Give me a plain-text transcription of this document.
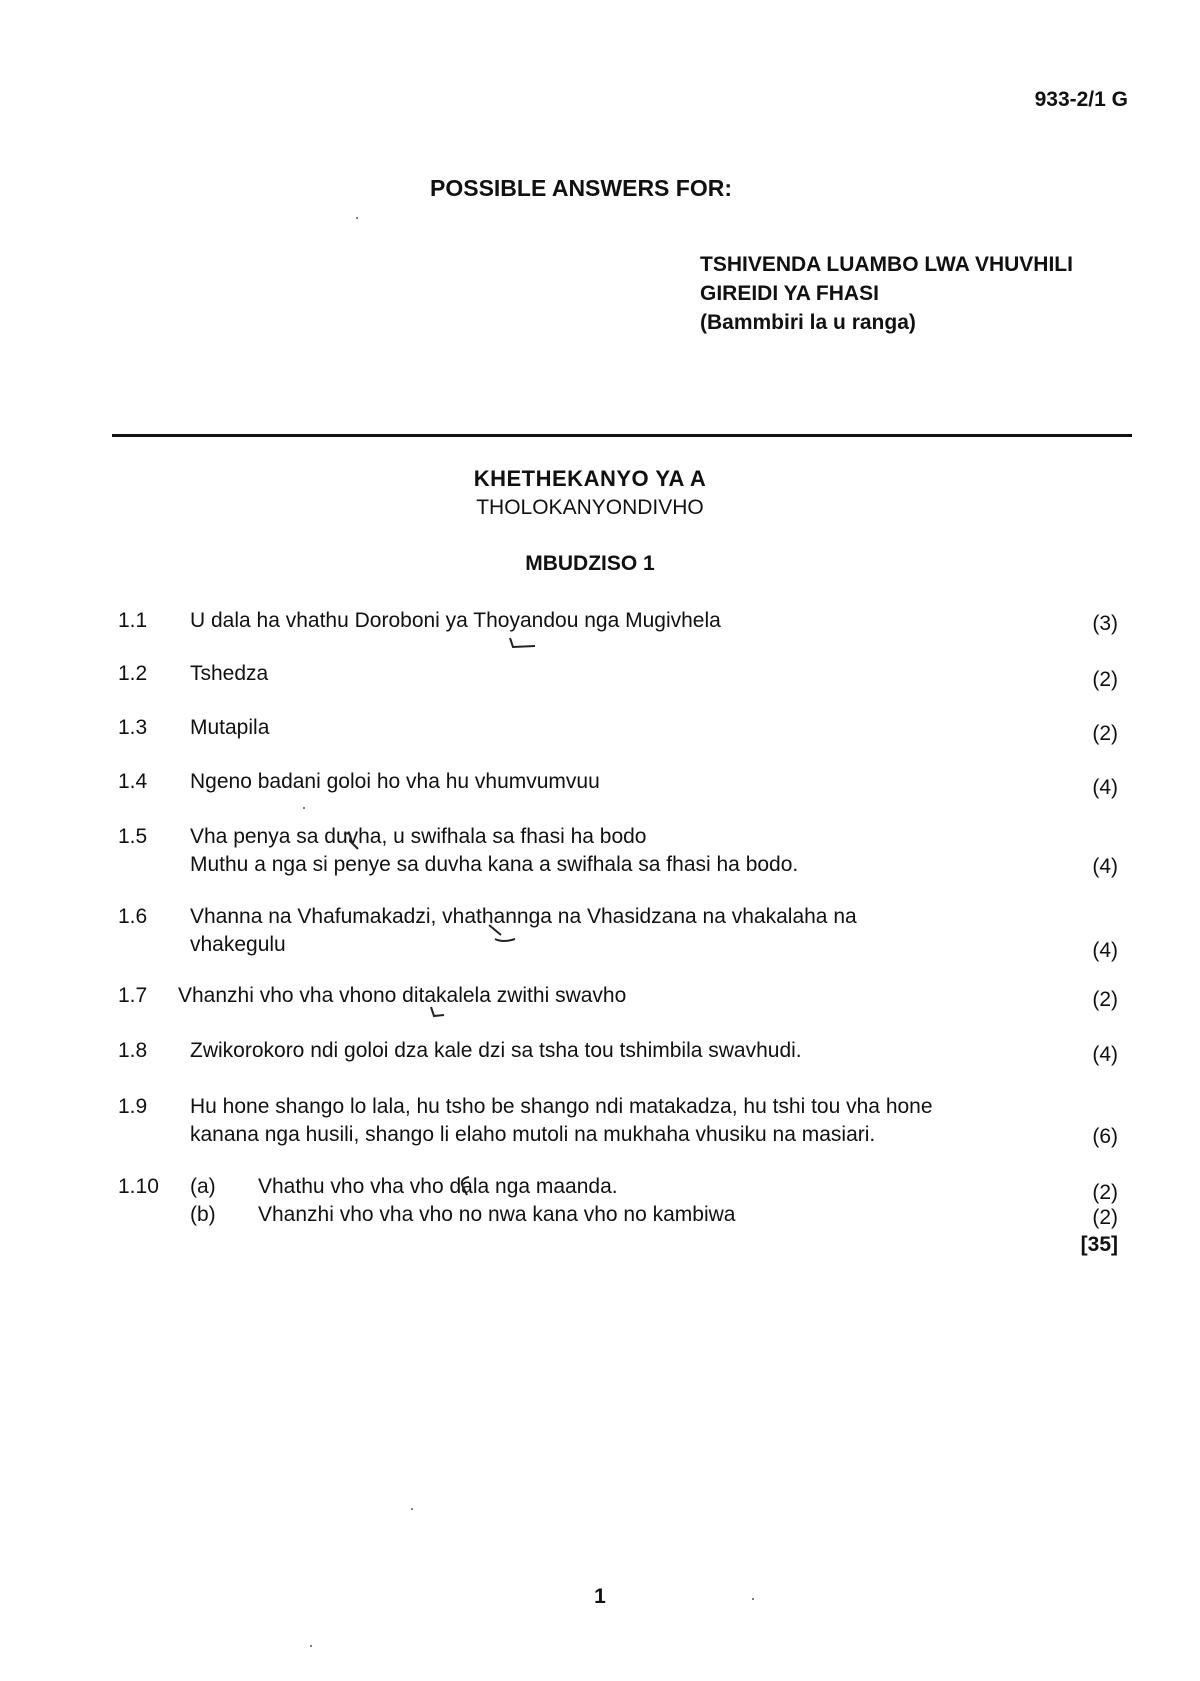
933-2/1 G
POSSIBLE ANSWERS FOR:
TSHIVENDA LUAMBO LWA VHUVHILI
GIREIDI YA FHASI
(Bammbiri la u ranga)
KHETHEKANYO YA A
THOLOKANYONDIVHO
MBUDZISO 1
1.1 U dala ha vhathu Doroboni ya Thoyandou nga Mugivhela	(3)
1.2 Tshedza	(2)
1.3 Mutapila	(2)
1.4 Ngeno badani goloi ho vha hu vhumvumvuu	(4)
1.5 Vha penya sa duvha, u swifhala sa fhasi ha bodo
Muthu a nga si penye sa duvha kana a swifhala sa fhasi ha bodo.	(4)
1.6 Vhanna na Vhafumakadzi, vhathannga na Vhasidzana na vhakalaha na
vhakegulu	(4)
1.7 Vhanzhi vho vha vhono ditakalela zwithi swavho	(2)
1.8 Zwikorokoro ndi goloi dza kale dzi sa tsha tou tshimbila swavhudi.	(4)
1.9 Hu hone shango lo lala, hu tsho be shango ndi matakadza, hu tshi tou vha hone
kanana nga husili, shango li elaho mutoli na mukhaha vhusiku na masiari.	(6)
1.10 (a) Vhathu vho vha vho dala nga maanda.	(2)
(b) Vhanzhi vho vha vho no nwa kana vho no kambiwa	(2)
[35]
1
